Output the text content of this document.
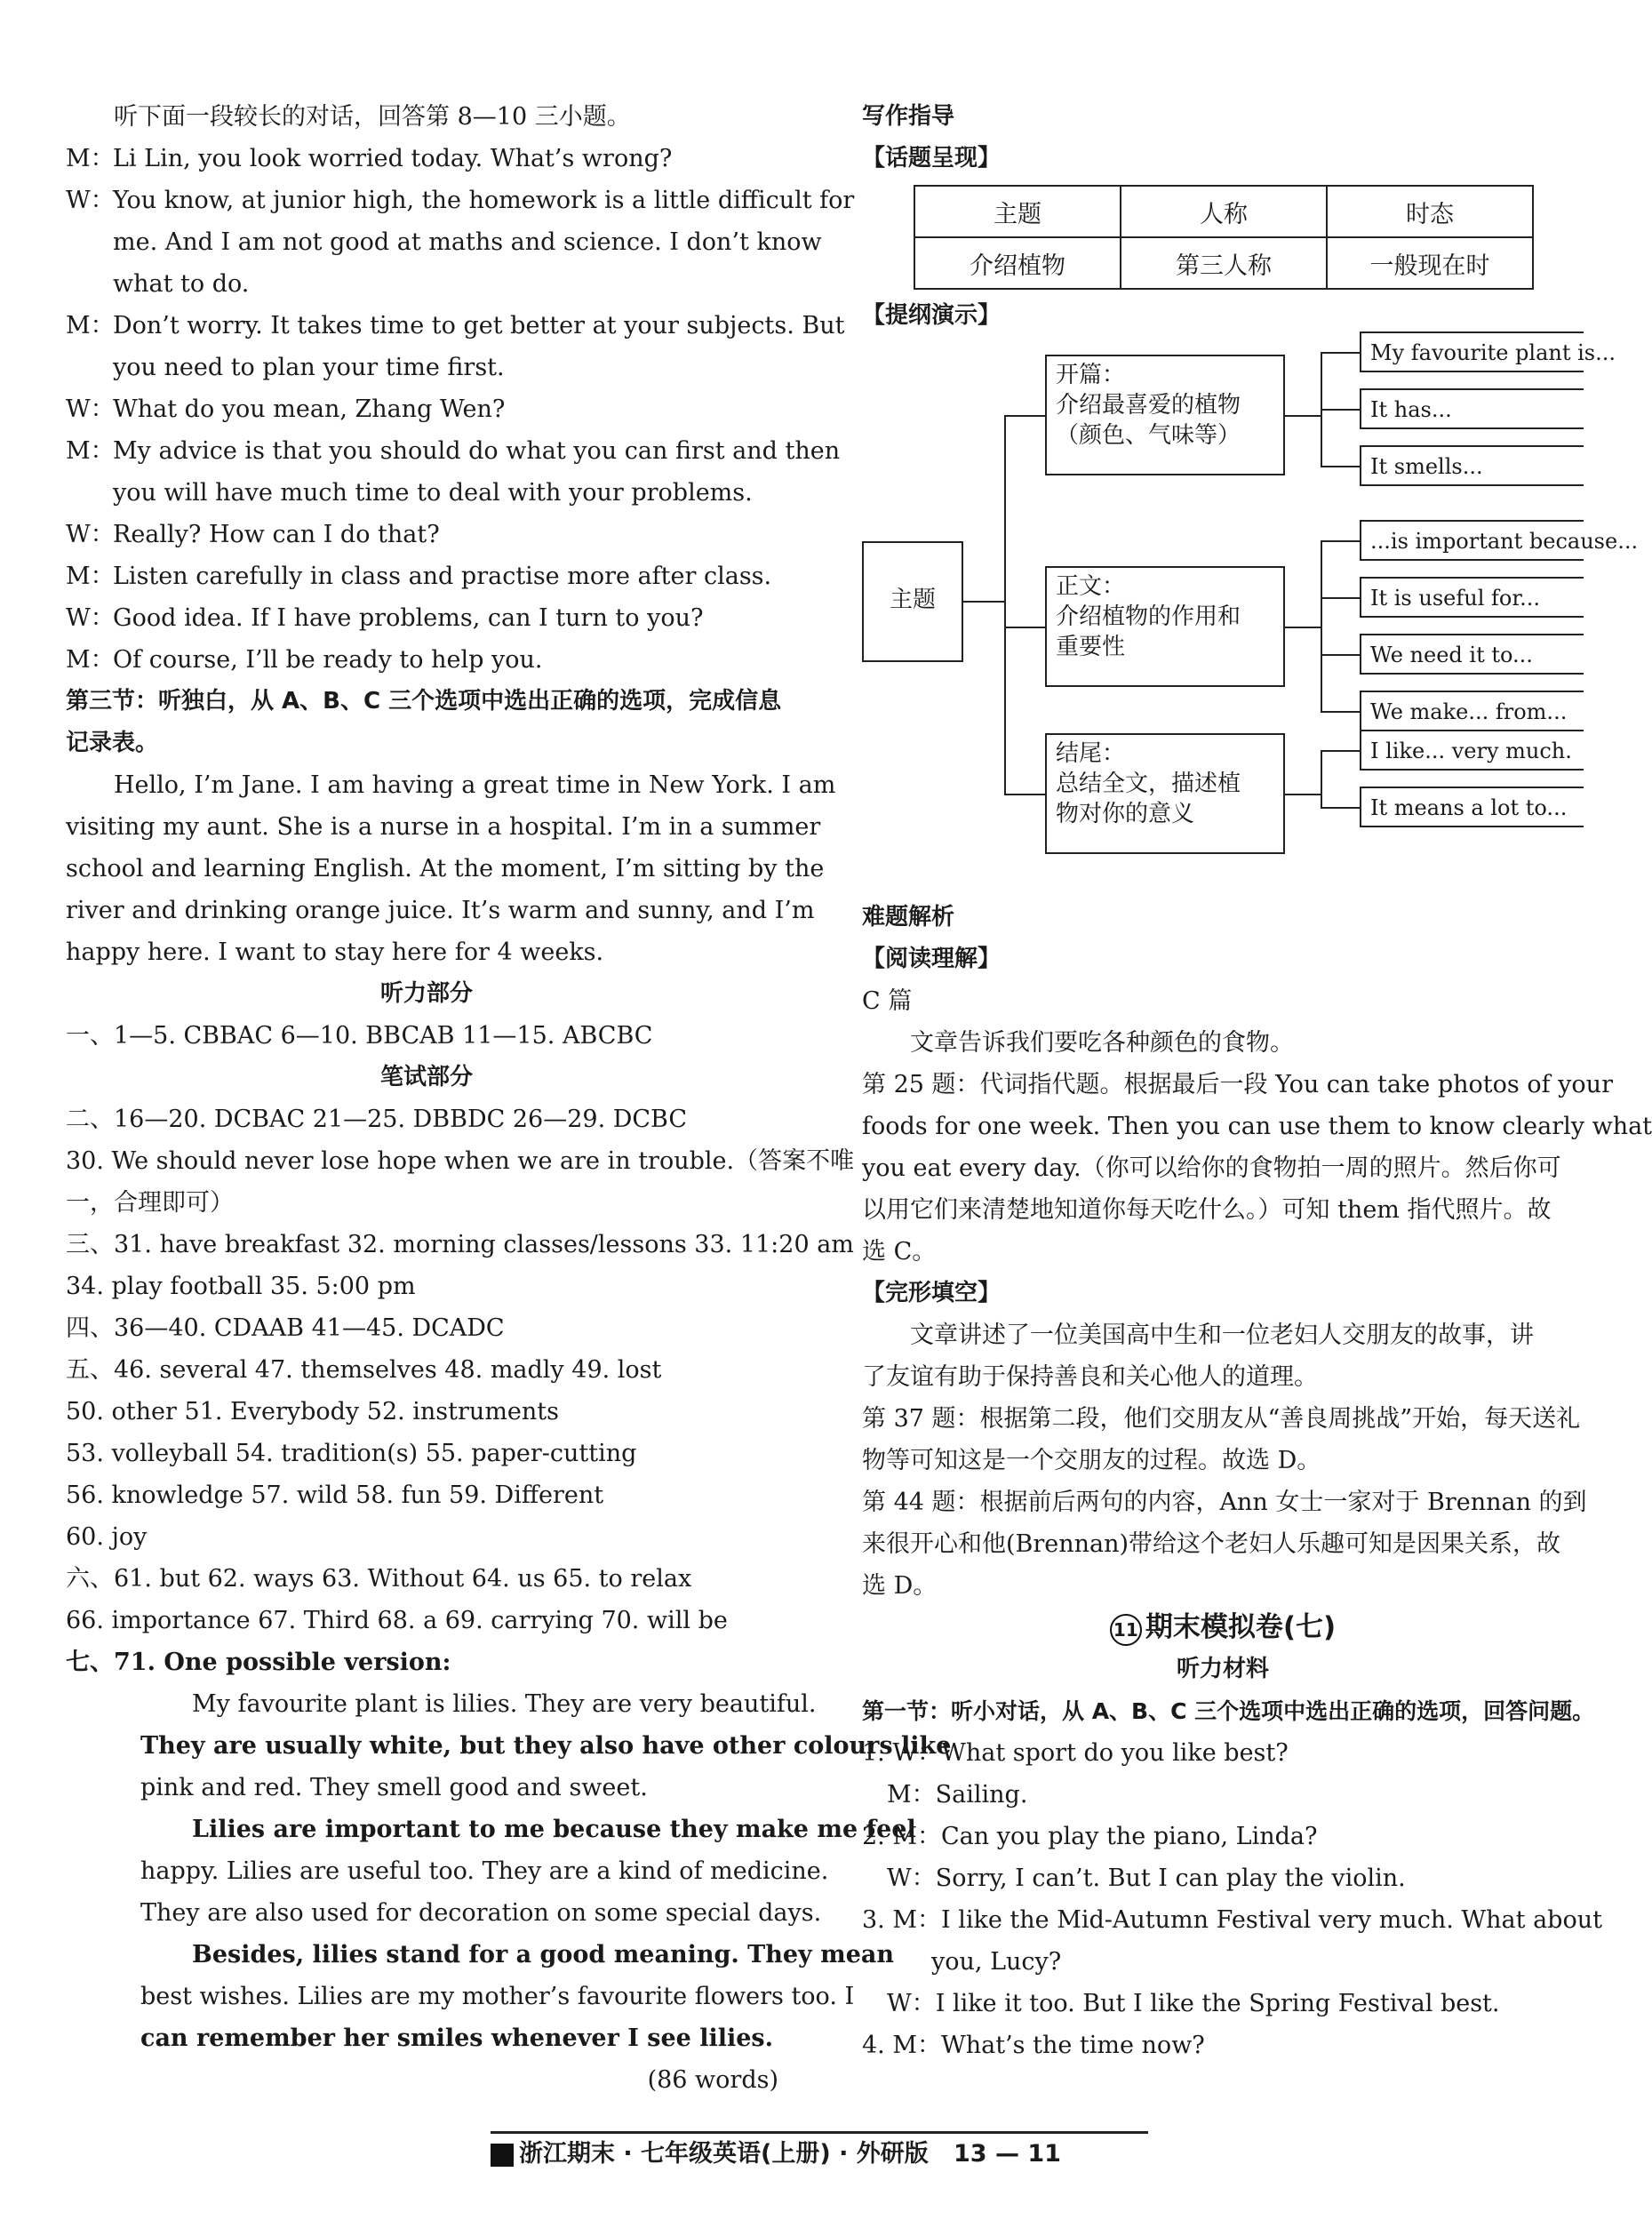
听下面一段较长的对话，回答第 8—10 三小题。
M：Li Lin, you look worried today. What’s wrong?
W：You know, at junior high, the homework is a little difficult for
me. And I am not good at maths and science. I don’t know
what to do.
M：Don’t worry. It takes time to get better at your subjects. But
you need to plan your time first.
W：What do you mean, Zhang Wen?
M：My advice is that you should do what you can first and then
you will have much time to deal with your problems.
W：Really? How can I do that?
M：Listen carefully in class and practise more after class.
W：Good idea. If I have problems, can I turn to you?
M：Of course, I’ll be ready to help you.
第三节：听独白，从 A、B、C 三个选项中选出正确的选项，完成信息
记录表。
Hello, I’m Jane. I am having a great time in New York. I am
visiting my aunt. She is a nurse in a hospital. I’m in a summer
school and learning English. At the moment, I’m sitting by the
river and drinking orange juice. It’s warm and sunny, and I’m
happy here. I want to stay here for 4 weeks.
听力部分
一、1—5. CBBAC 6—10. BBCAB 11—15. ABCBC
笔试部分
二、16—20. DCBAC 21—25. DBBDC 26—29. DCBC
30. We should never lose hope when we are in trouble.（答案不唯
一，合理即可）
三、31. have breakfast 32. morning classes/lessons 33. 11:20 am
34. play football 35. 5:00 pm
四、36—40. CDAAB 41—45. DCADC
五、46. several 47. themselves 48. madly 49. lost
50. other 51. Everybody 52. instruments
53. volleyball 54. tradition(s) 55. paper-cutting
56. knowledge 57. wild 58. fun 59. Different
60. joy
六、61. but 62. ways 63. Without 64. us 65. to relax
66. importance 67. Third 68. a 69. carrying 70. will be
七、71. One possible version:
My favourite plant is lilies. They are very beautiful.
They are usually white, but they also have other colours like
pink and red. They smell good and sweet.
Lilies are important to me because they make me feel
happy. Lilies are useful too. They are a kind of medicine.
They are also used for decoration on some special days.
Besides, lilies stand for a good meaning. They mean
best wishes. Lilies are my mother’s favourite flowers too. I
can remember her smiles whenever I see lilies.
(86 words)
写作指导
【话题呈现】
主题	人称	时态
介绍植物	第三人称	一般现在时
【提纲演示】
主题
开篇：
介绍最喜爱的植物
（颜色、气味等）
My favourite plant is...
It has...
It smells...
正文：
介绍植物的作用和
重要性
...is important because...
It is useful for...
We need it to...
We make... from...
结尾：
总结全文，描述植
物对你的意义
I like... very much.
It means a lot to...
难题解析
【阅读理解】
C 篇
文章告诉我们要吃各种颜色的食物。
第 25 题：代词指代题。根据最后一段 You can take photos of your
foods for one week. Then you can use them to know clearly what
you eat every day.（你可以给你的食物拍一周的照片。然后你可
以用它们来清楚地知道你每天吃什么。）可知 them 指代照片。故
选 C。
【完形填空】
文章讲述了一位美国高中生和一位老妇人交朋友的故事，讲
了友谊有助于保持善良和关心他人的道理。
第 37 题：根据第二段，他们交朋友从“善良周挑战”开始，每天送礼
物等可知这是一个交朋友的过程。故选 D。
第 44 题：根据前后两句的内容，Ann 女士一家对于 Brennan 的到
来很开心和他(Brennan)带给这个老妇人乐趣可知是因果关系，故
选 D。
11 期末模拟卷(七)
听力材料
第一节：听小对话，从 A、B、C 三个选项中选出正确的选项，回答问题。
1. W：What sport do you like best?
M：Sailing.
2. M：Can you play the piano, Linda?
W：Sorry, I can’t. But I can play the violin.
3. M：I like the Mid-Autumn Festival very much. What about
you, Lucy?
W：I like it too. But I like the Spring Festival best.
4. M：What’s the time now?
浙江期末 · 七年级英语(上册) · 外研版 13 — 11
